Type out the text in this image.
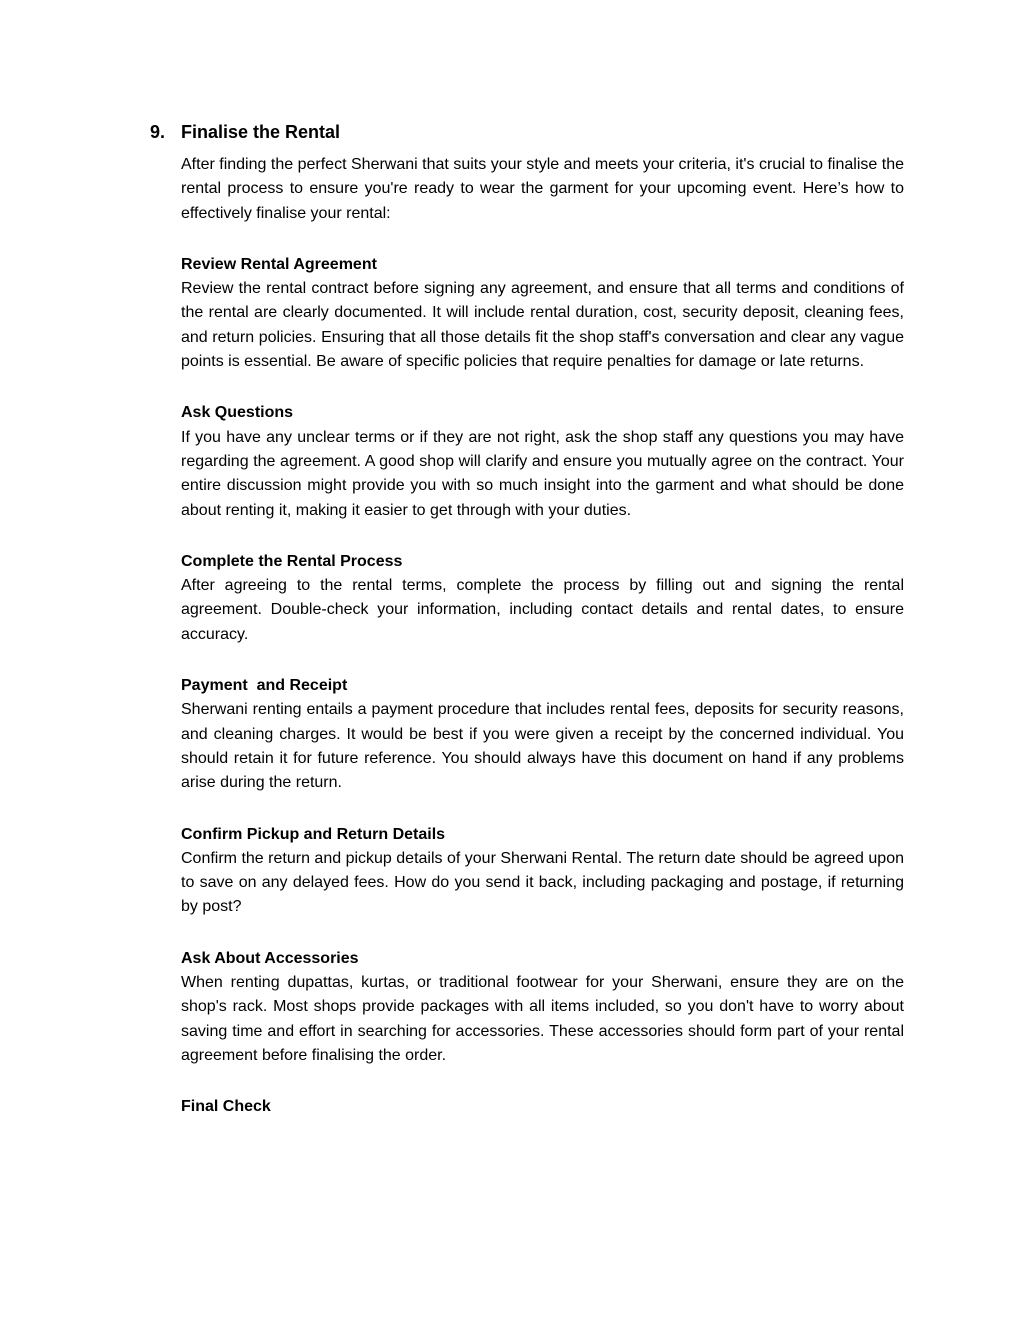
9. Finalise the Rental

After finding the perfect Sherwani that suits your style and meets your criteria, it's crucial to finalise the rental process to ensure you're ready to wear the garment for your upcoming event. Here’s how to effectively finalise your rental:

Review Rental Agreement

Review the rental contract before signing any agreement, and ensure that all terms and conditions of the rental are clearly documented. It will include rental duration, cost, security deposit, cleaning fees, and return policies. Ensuring that all those details fit the shop staff's conversation and clear any vague points is essential. Be aware of specific policies that require penalties for damage or late returns.

Ask Questions

If you have any unclear terms or if they are not right, ask the shop staff any questions you may have regarding the agreement. A good shop will clarify and ensure you mutually agree on the contract. Your entire discussion might provide you with so much insight into the garment and what should be done about renting it, making it easier to get through with your duties.

Complete the Rental Process

After agreeing to the rental terms, complete the process by filling out and signing the rental agreement. Double-check your information, including contact details and rental dates, to ensure accuracy.

Payment  and Receipt

Sherwani renting entails a payment procedure that includes rental fees, deposits for security reasons, and cleaning charges. It would be best if you were given a receipt by the concerned individual. You should retain it for future reference. You should always have this document on hand if any problems arise during the return.

Confirm Pickup and Return Details

Confirm the return and pickup details of your Sherwani Rental. The return date should be agreed upon to save on any delayed fees. How do you send it back, including packaging and postage, if returning by post?

Ask About Accessories

When renting dupattas, kurtas, or traditional footwear for your Sherwani, ensure they are on the shop's rack. Most shops provide packages with all items included, so you don't have to worry about saving time and effort in searching for accessories. These accessories should form part of your rental agreement before finalising the order.

Final Check
